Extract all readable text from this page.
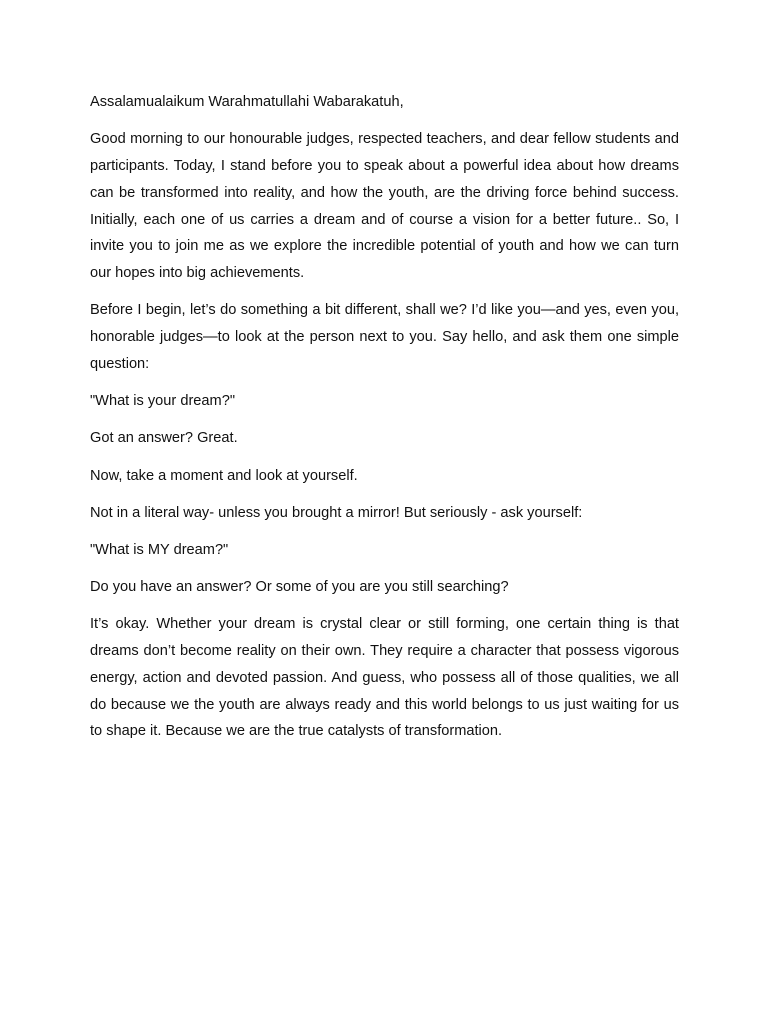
Assalamualaikum Warahmatullahi Wabarakatuh,

Good morning to our honourable judges, respected teachers, and dear fellow students and participants. Today, I stand before you to speak about a powerful idea about how dreams can be transformed into reality, and how the youth, are the driving force behind success. Initially, each one of us carries a dream and of course a vision for a better future.. So, I invite you to join me as we explore the incredible potential of youth and how we can turn our hopes into big achievements.

Before I begin, let’s do something a bit different, shall we? I’d like you—and yes, even you, honorable judges—to look at the person next to you. Say hello, and ask them one simple question:

"What is your dream?"

Got an answer? Great.

Now, take a moment and look at yourself.

Not in a literal way- unless you brought a mirror! But seriously - ask yourself:

"What is MY dream?"

Do you have an answer? Or some of you are you still searching?

It’s okay. Whether your dream is crystal clear or still forming, one certain thing is that dreams don’t become reality on their own. They require a character that possess vigorous energy, action and devoted passion. And guess, who possess all of those qualities, we all do because we the youth are always ready and this world belongs to us just waiting for us to shape it. Because we are the true catalysts of transformation.
